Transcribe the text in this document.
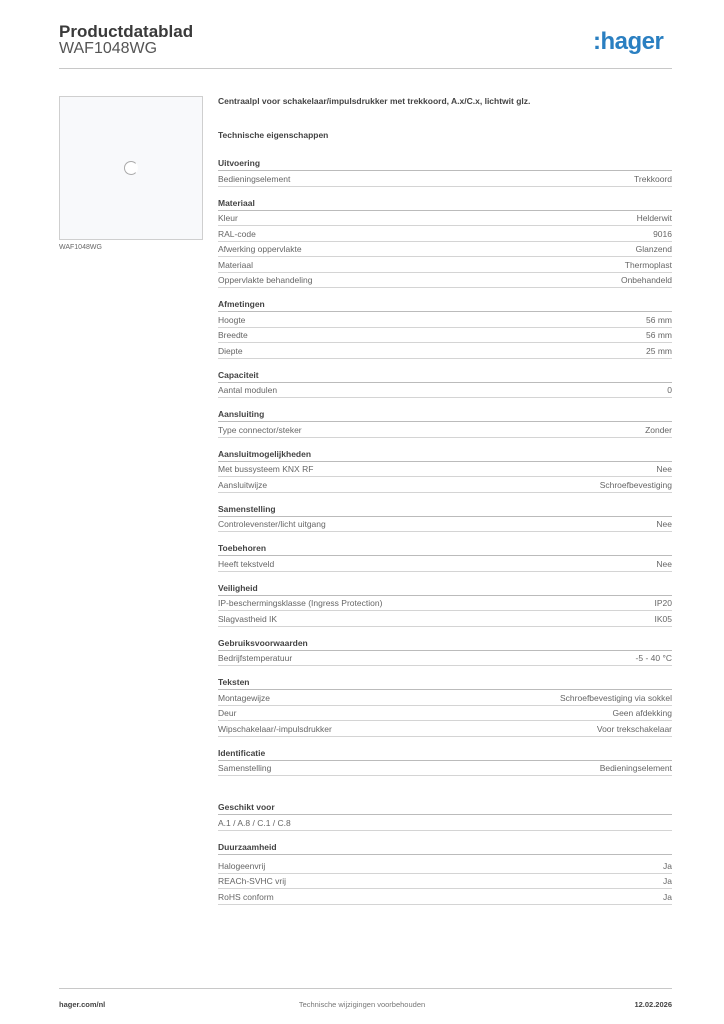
Productdatablad
WAF1048WG	:hager
WAF1048WG
Centraalpl voor schakelaar/impulsdrukker met trekkoord, A.x/C.x, lichtwit glz.
Technische eigenschappen
Uitvoering
Bedieningselement	Trekkoord
Materiaal
Kleur	Helderwit
RAL-code	9016
Afwerking oppervlakte	Glanzend
Materiaal	Thermoplast
Oppervlakte behandeling	Onbehandeld
Afmetingen
Hoogte	56 mm
Breedte	56 mm
Diepte	25 mm
Capaciteit
Aantal modulen	0
Aansluiting
Type connector/steker	Zonder
Aansluitmogelijkheden
Met bussysteem KNX RF	Nee
Aansluitwijze	Schroefbevestiging
Samenstelling
Controlevenster/licht uitgang	Nee
Toebehoren
Heeft tekstveld	Nee
Veiligheid
IP-beschermingsklasse (Ingress Protection)	IP20
Slagvastheid IK	IK05
Gebruiksvoorwaarden
Bedrijfstemperatuur	-5 - 40 °C
Teksten
Montagewijze	Schroefbevestiging via sokkel
Deur	Geen afdekking
Wipschakelaar/-impulsdrukker	Voor trekschakelaar
Identificatie
Samenstelling	Bedieningselement
Geschikt voor
A.1 / A.8 / C.1 / C.8
Duurzaamheid
Halogeenvrij	Ja
REACh-SVHC vrij	Ja
RoHS conform	Ja
hager.com/nl	Technische wijzigingen voorbehouden	12.02.2026
